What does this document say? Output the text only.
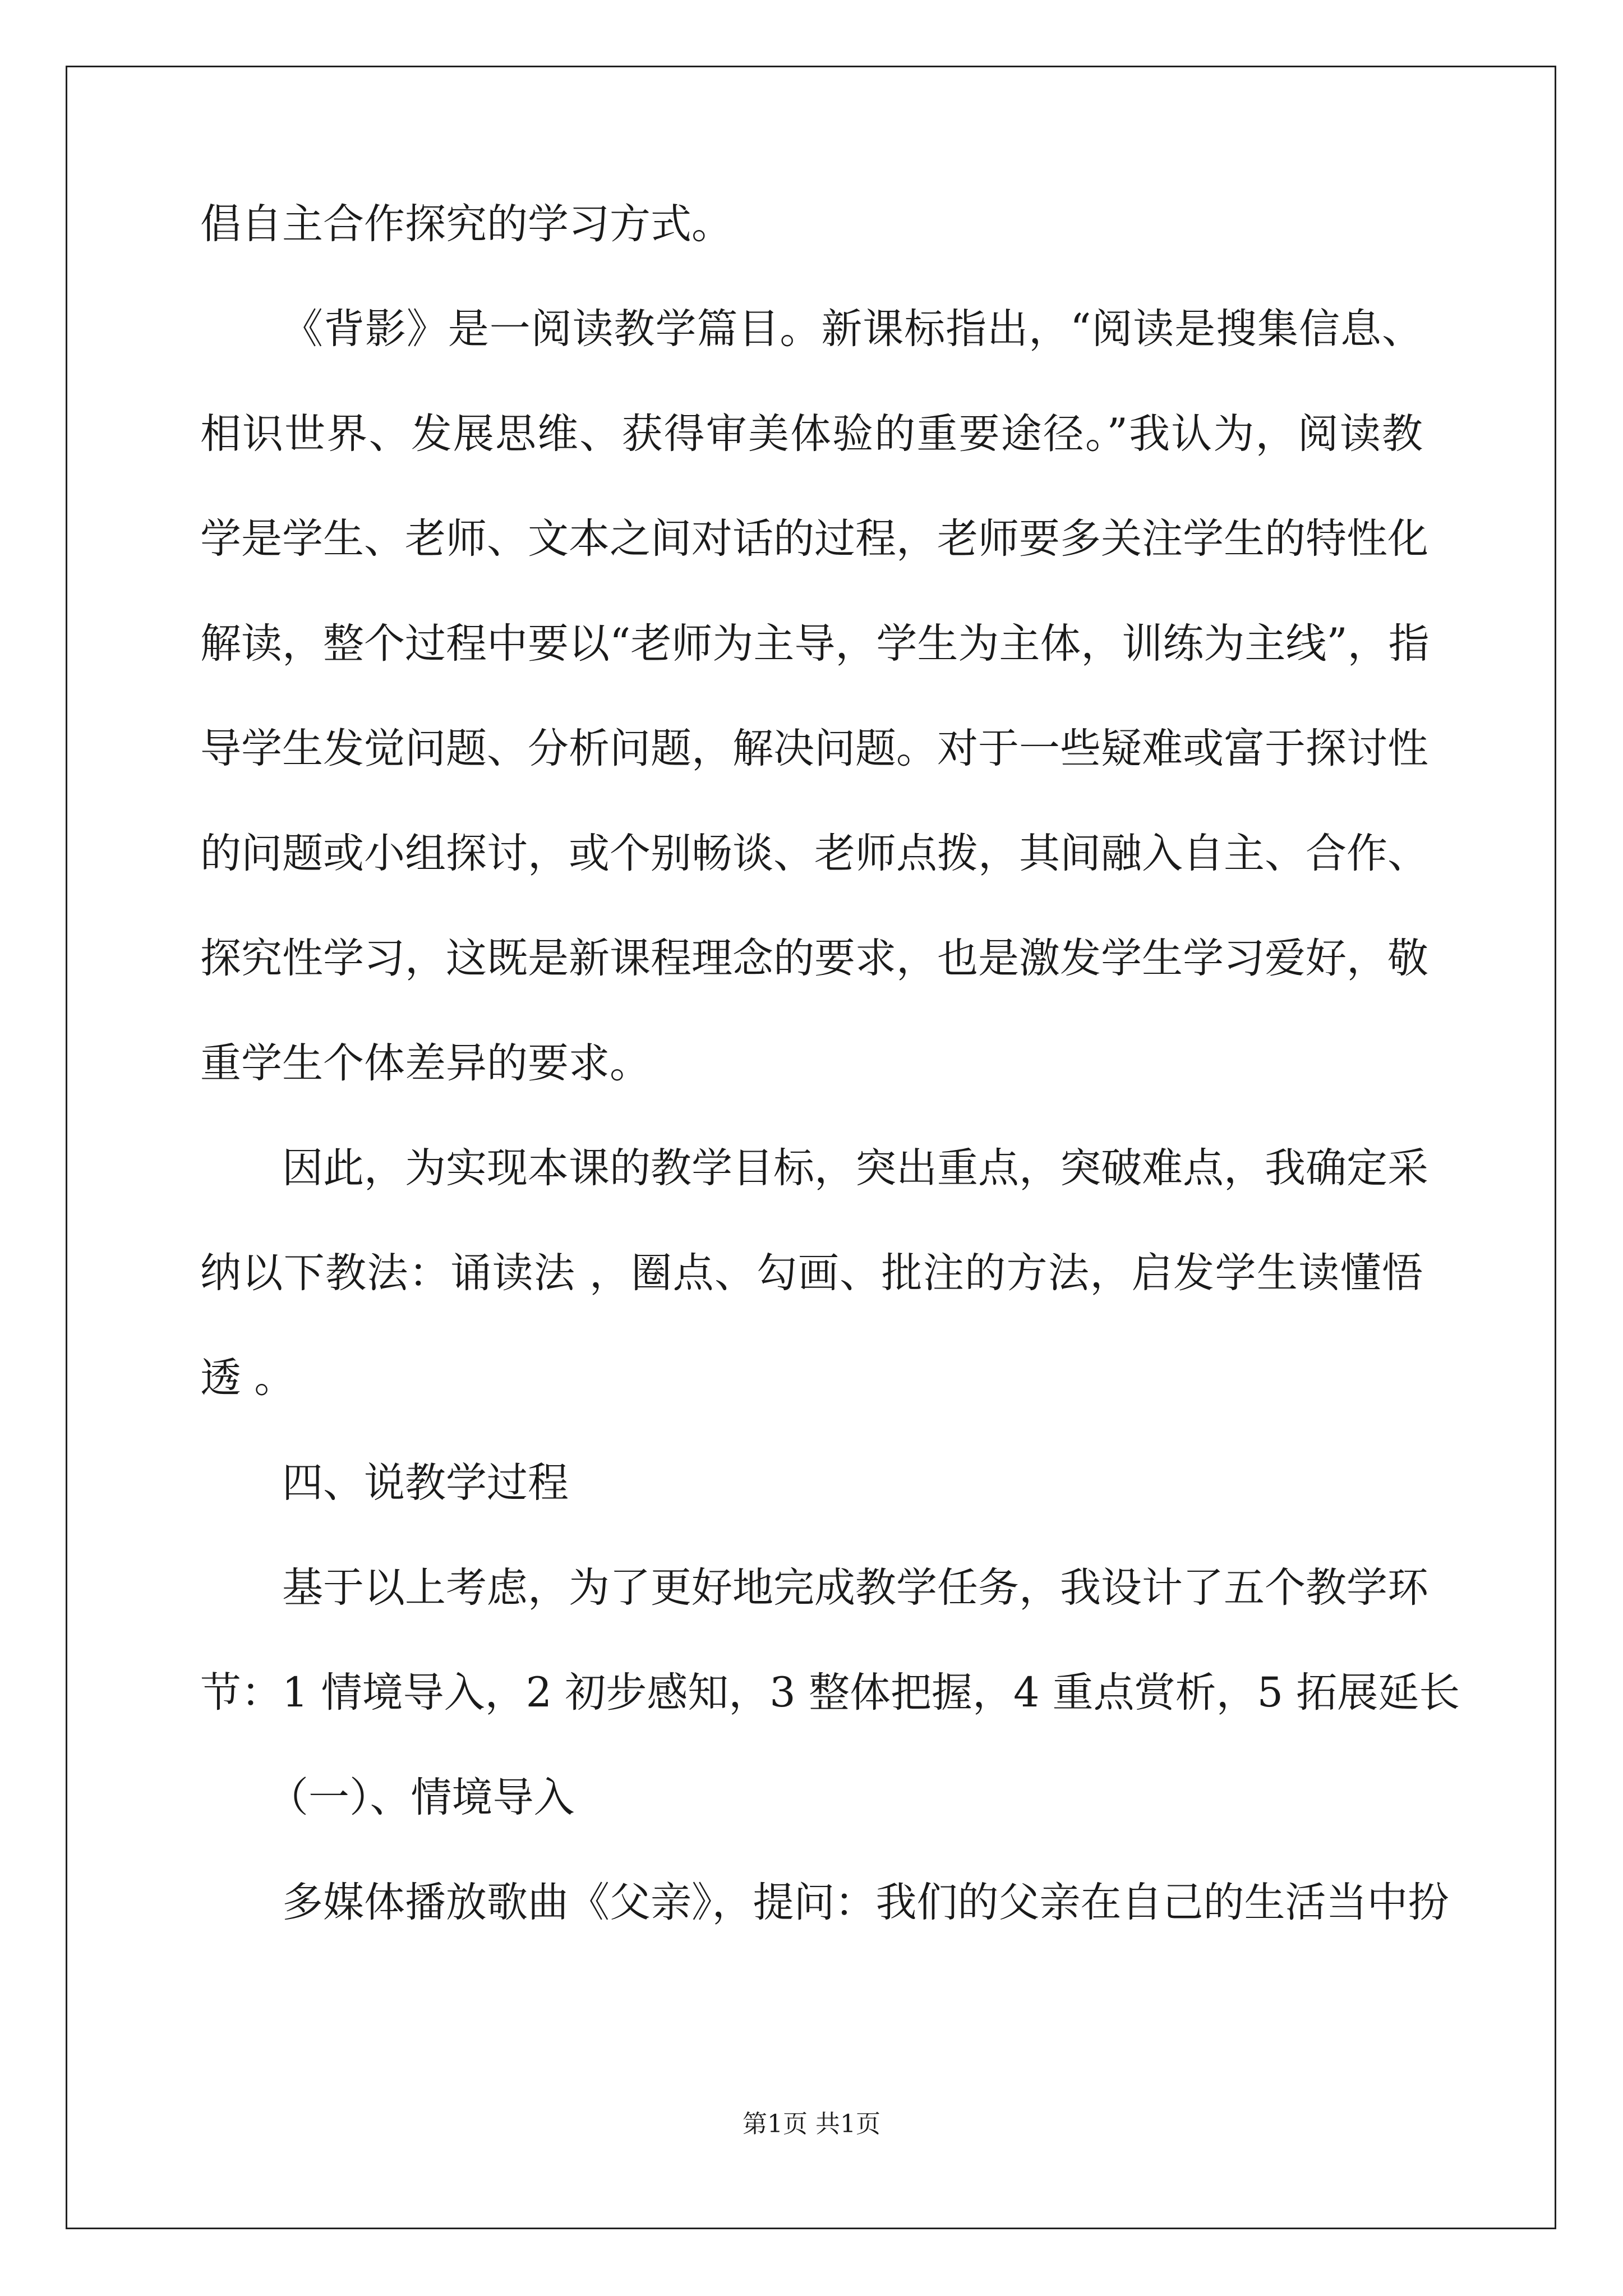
倡自主合作探究的学习方式。
《背影》是一阅读教学篇目。新课标指出，“阅读是搜集信息、
相识世界、发展思维、获得审美体验的重要途径。”我认为，阅读教
学是学生、老师、文本之间对话的过程，老师要多关注学生的特性化
解读，整个过程中要以“老师为主导，学生为主体，训练为主线”，指
导学生发觉问题、分析问题，解决问题。对于一些疑难或富于探讨性
的问题或小组探讨，或个别畅谈、老师点拨，其间融入自主、合作、
探究性学习，这既是新课程理念的要求，也是激发学生学习爱好，敬
重学生个体差异的要求。
因此，为实现本课的教学目标，突出重点，突破难点，我确定采
纳以下教法：诵读法 ，圈点、勾画、批注的方法，启发学生读懂悟
透 。
四、说教学过程
基于以上考虑，为了更好地完成教学任务，我设计了五个教学环
节：1 情境导入，2 初步感知，3 整体把握，4 重点赏析，5 拓展延长
（一）、情境导入
多媒体播放歌曲《父亲》，提问：我们的父亲在自己的生活当中扮
第1页 共1页
